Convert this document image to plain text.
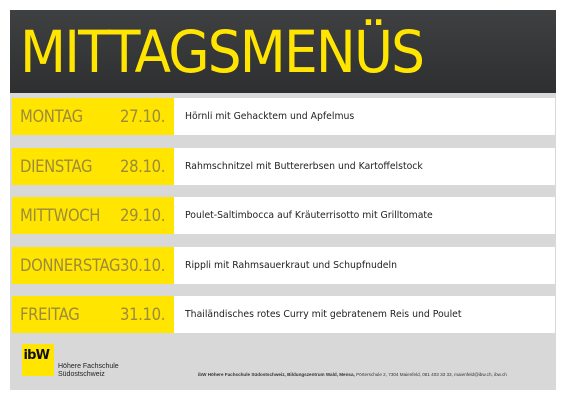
MITTAGSMENÜS
MONTAG 27.10. Hörnli mit Gehacktem und Apfelmus
DIENSTAG 28.10. Rahmschnitzel mit Buttererbsen und Kartoffelstock
MITTWOCH 29.10. Poulet-Saltimbocca auf Kräuterrisotto mit Grilltomate
DONNERSTAG 30.10. Rippli mit Rahmsauerkraut und Schupfnudeln
FREITAG 31.10. Thailändisches rotes Curry mit gebratenem Reis und Poulet
ibW
Höhere Fachschule
Südostschweiz	ibW Höhere Fachschule Südostschweiz, Bildungszentrum Wald, Mensa, Pörterschule 2, 7304 Maienfeld, 081 403 33 33, maienfeld@ibw.ch, ibw.ch
